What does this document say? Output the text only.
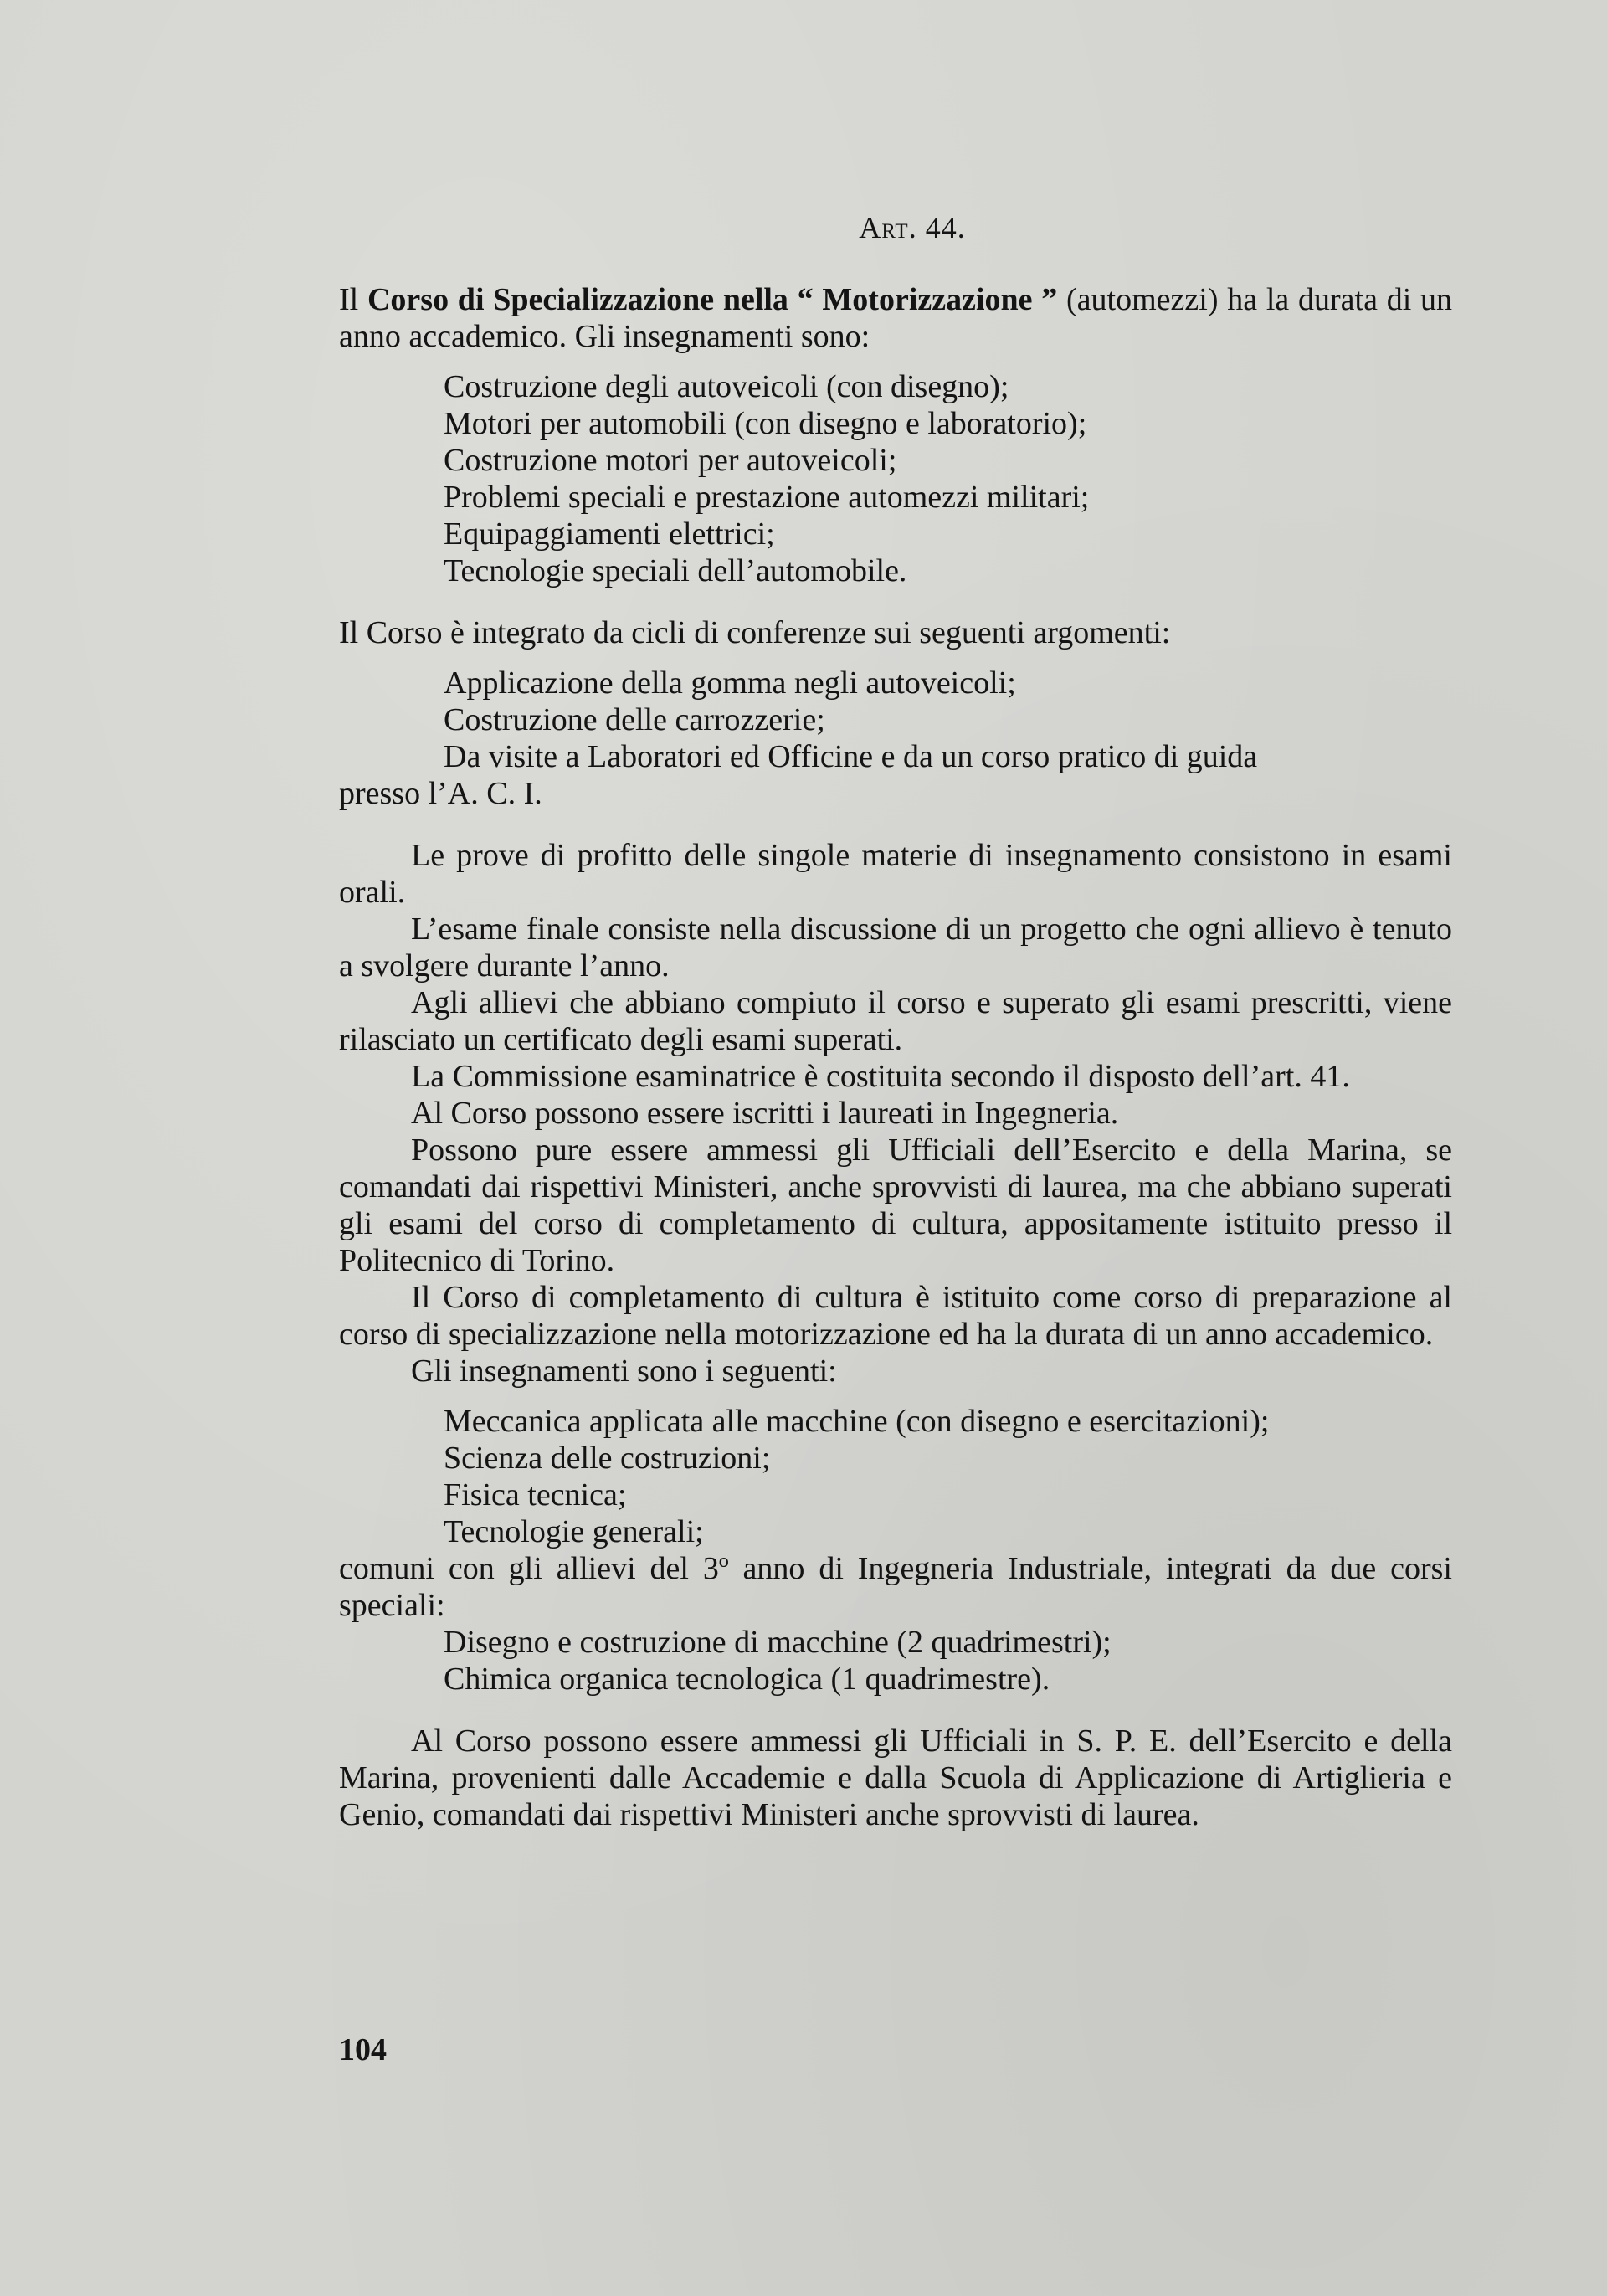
Art. 44.

Il Corso di Specializzazione nella “ Motorizzazione ” (automezzi) ha la durata di un anno accademico. Gli insegnamenti sono:

Costruzione degli autoveicoli (con disegno);
Motori per automobili (con disegno e laboratorio);
Costruzione motori per autoveicoli;
Problemi speciali e prestazione automezzi militari;
Equipaggiamenti elettrici;
Tecnologie speciali dell’automobile.

Il Corso è integrato da cicli di conferenze sui seguenti argomenti:

Applicazione della gomma negli autoveicoli;
Costruzione delle carrozzerie;
Da visite a Laboratori ed Officine e da un corso pratico di guida

presso l’A. C. I.

Le prove di profitto delle singole materie di insegnamento consistono in esami orali.

L’esame finale consiste nella discussione di un progetto che ogni allievo è tenuto a svolgere durante l’anno.

Agli allievi che abbiano compiuto il corso e superato gli esami prescritti, viene rilasciato un certificato degli esami superati.

La Commissione esaminatrice è costituita secondo il disposto dell’art. 41.

Al Corso possono essere iscritti i laureati in Ingegneria.

Possono pure essere ammessi gli Ufficiali dell’Esercito e della Marina, se comandati dai rispettivi Ministeri, anche sprovvisti di laurea, ma che abbiano superati gli esami del corso di completamento di cultura, appositamente istituito presso il Politecnico di Torino.

Il Corso di completamento di cultura è istituito come corso di preparazione al corso di specializzazione nella motorizzazione ed ha la durata di un anno accademico.

Gli insegnamenti sono i seguenti:

Meccanica applicata alle macchine (con disegno e esercitazioni);
Scienza delle costruzioni;
Fisica tecnica;
Tecnologie generali;

comuni con gli allievi del 3º anno di Ingegneria Industriale, integrati da due corsi speciali:

Disegno e costruzione di macchine (2 quadrimestri);
Chimica organica tecnologica (1 quadrimestre).

Al Corso possono essere ammessi gli Ufficiali in S. P. E. dell’Esercito e della Marina, provenienti dalle Accademie e dalla Scuola di Applicazione di Artiglieria e Genio, comandati dai rispettivi Ministeri anche sprovvisti di laurea.

104
